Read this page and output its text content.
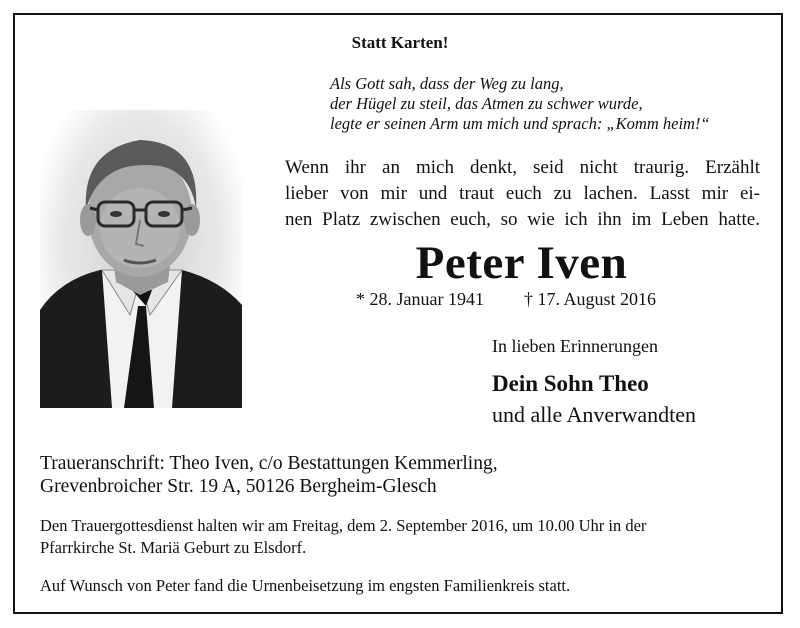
Statt Karten!
Als Gott sah, dass der Weg zu lang,
der Hügel zu steil, das Atmen zu schwer wurde,
legte er seinen Arm um mich und sprach: „Komm heim!“
Wenn ihr an mich denkt, seid nicht traurig. Erzählt
lieber von mir und traut euch zu lachen. Lasst mir ei-
nen Platz zwischen euch, so wie ich ihn im Leben hatte.
Peter Iven
* 28. Januar 1941 † 17. August 2016
In lieben Erinnerungen
Dein Sohn Theo
und alle Anverwandten
Traueranschrift: Theo Iven, c/o Bestattungen Kemmerling,
Grevenbroicher Str. 19 A, 50126 Bergheim-Glesch
Den Trauergottesdienst halten wir am Freitag, dem 2. September 2016, um 10.00 Uhr in der
Pfarrkirche St. Mariä Geburt zu Elsdorf.
Auf Wunsch von Peter fand die Urnenbeisetzung im engsten Familienkreis statt.
